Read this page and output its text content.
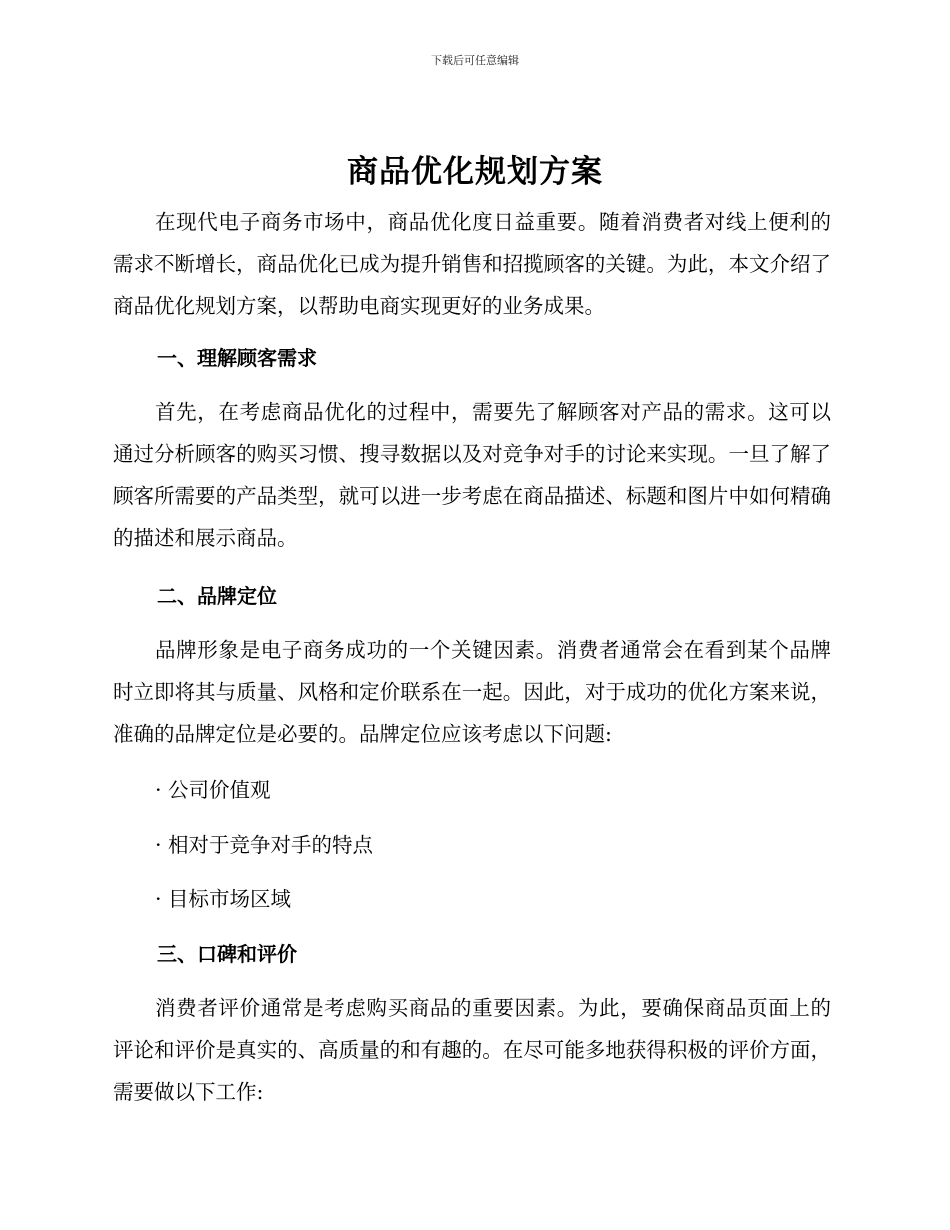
下载后可任意编辑
商品优化规划方案

在现代电子商务市场中，商品优化度日益重要。随着消费者对线上便利的需求不断增长，商品优化已成为提升销售和招揽顾客的关键。为此，本文介绍了商品优化规划方案，以帮助电商实现更好的业务成果。

一、理解顾客需求

首先，在考虑商品优化的过程中，需要先了解顾客对产品的需求。这可以通过分析顾客的购买习惯、搜寻数据以及对竞争对手的讨论来实现。一旦了解了顾客所需要的产品类型，就可以进一步考虑在商品描述、标题和图片中如何精确的描述和展示商品。

二、品牌定位

品牌形象是电子商务成功的一个关键因素。消费者通常会在看到某个品牌时立即将其与质量、风格和定价联系在一起。因此，对于成功的优化方案来说，准确的品牌定位是必要的。品牌定位应该考虑以下问题:

· 公司价值观
· 相对于竞争对手的特点
· 目标市场区域
三、口碑和评价

消费者评价通常是考虑购买商品的重要因素。为此，要确保商品页面上的评论和评价是真实的、高质量的和有趣的。在尽可能多地获得积极的评价方面，需要做以下工作:
